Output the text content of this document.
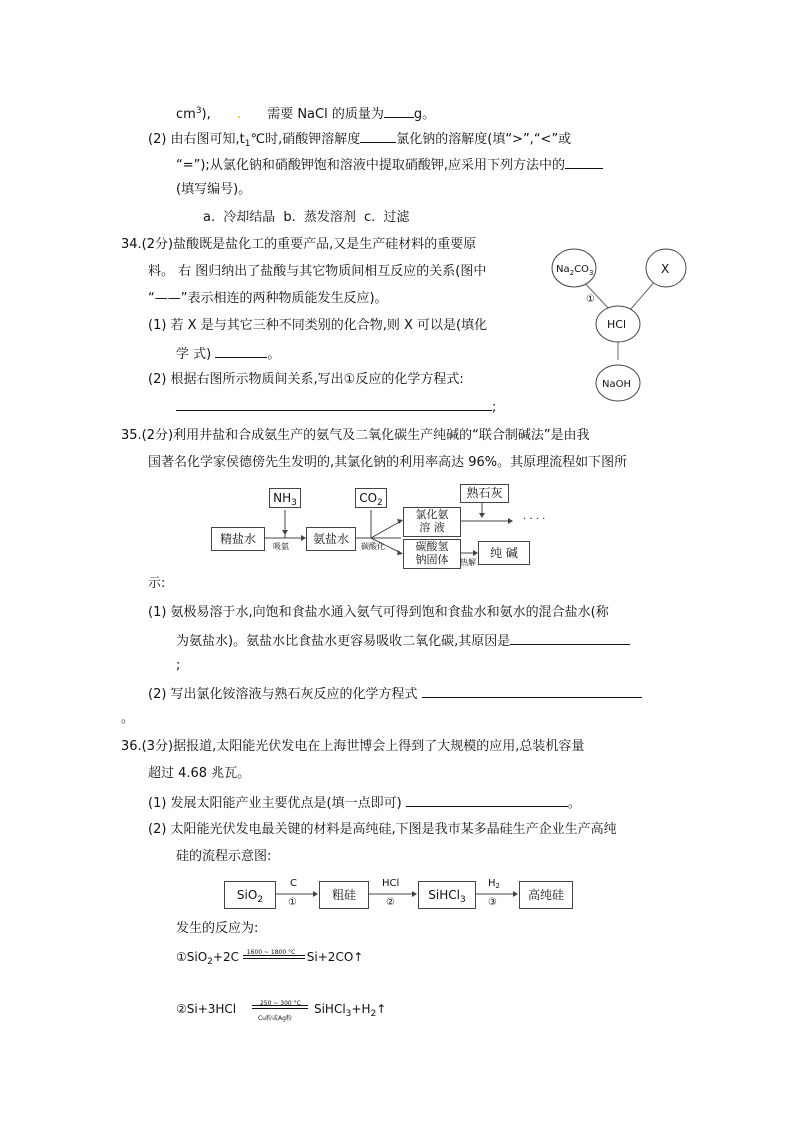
$cm^3$), . 需要 NaCl 的质量为 g。
(2) 由右图可知$,t_1℃$时,硝酸钾溶解度	氯化钠的溶解度(填“>”,“<”或
“=”);从氯化钠和硝酸钾饱和溶液中提取硝酸钾,应采用下列方法中的
(填写编号)。
a. 冷却结晶 b. 蒸发溶剂 c. 过滤
34.(2分)盐酸既是盐化工的重要产品,又是生产硅材料的重要原
料。 右 图归纳出了盐酸与其它物质间相互反应的关系(图中
“——”表示相连的两种物质能发生反应)。
(1) 若 X 是与其它三种不同类别的化合物,则 X 可以是(填化
学 式)	。
(2) 根据右图所示物质间关系,写出①反应的化学方程式:
;
$Na_2CO_3$	X
HCl
NaOH
①
35.(2分)利用井盐和合成氨生产的氨气及二氧化碳生产纯碱的“联合制碱法”是由我
国著名化学家侯德傍先生发明的,其氯化钠的利用率高达 96%。其原理流程如下图所
$NH_3$	$CO_2$
熟石灰
精盐水	氨盐水
氯化氨
溶 液
碳酸氢
钠固体	纯 碱
吸氨	碳酸化
热解
· · · ·
示:
(1) 氨极易溶于水,向饱和食盐水通入氨气可得到饱和食盐水和氨水的混合盐水(称
为氨盐水)。氨盐水比食盐水更容易吸收二氧化碳,其原因是
;
(2) 写出氯化铵溶液与熟石灰反应的化学方程式
。
36.(3分)据报道,太阳能光伏发电在上海世博会上得到了大规模的应用,总装机容量
超过 4.68 兆瓦。
(1) 发展太阳能产业主要优点是(填一点即可)	。
(2) 太阳能光伏发电最关键的材料是高纯硅,下图是我市某多晶硅生产企业生产高纯
硅的流程示意图:
SiO$_2$	粗硅	SiHCl$_3$	高纯硅
C
①
HCl
②
$H_2$
③
发生的反应为:
①SiO$_2$+2C 1600 ~ 1800 °C Si+2CO↑
②Si+3HCl	250 ~ 300 °C
Cu粉或Ag粉
$SiHCl_3+H_2↑$
